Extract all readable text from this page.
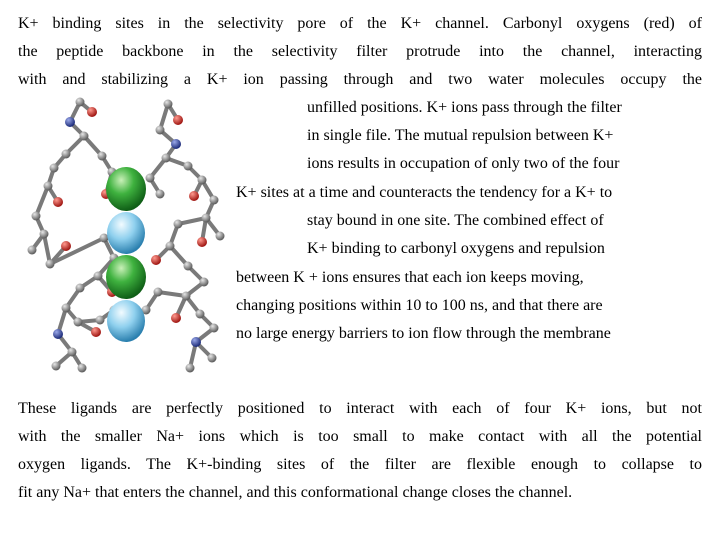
K+ binding sites in the selectivity pore of the K+ channel. Carbonyl oxygens (red) of
the peptide backbone in the selectivity filter protrude into the channel, interacting
with and stabilizing a K+ ion passing through and two water molecules occupy the
unfilled positions. K+ ions pass through the filter
in single file. The mutual repulsion between K+
ions results in occupation of only two of the four
K+ sites at a time and counteracts the tendency for a K+ to
stay bound in one site. The combined effect of
K+ binding to carbonyl oxygens and repulsion
between K + ions ensures that each ion keeps moving,
changing positions within 10 to 100 ns, and that there are
no large energy barriers to ion flow through the membrane
These ligands are perfectly positioned to interact with each of four K+ ions, but not
with the smaller Na+ ions which is too small to make contact with all the potential
oxygen ligands. The K+-binding sites of the filter are flexible enough to collapse to
fit any Na+ that enters the channel, and this conformational change closes the channel.
